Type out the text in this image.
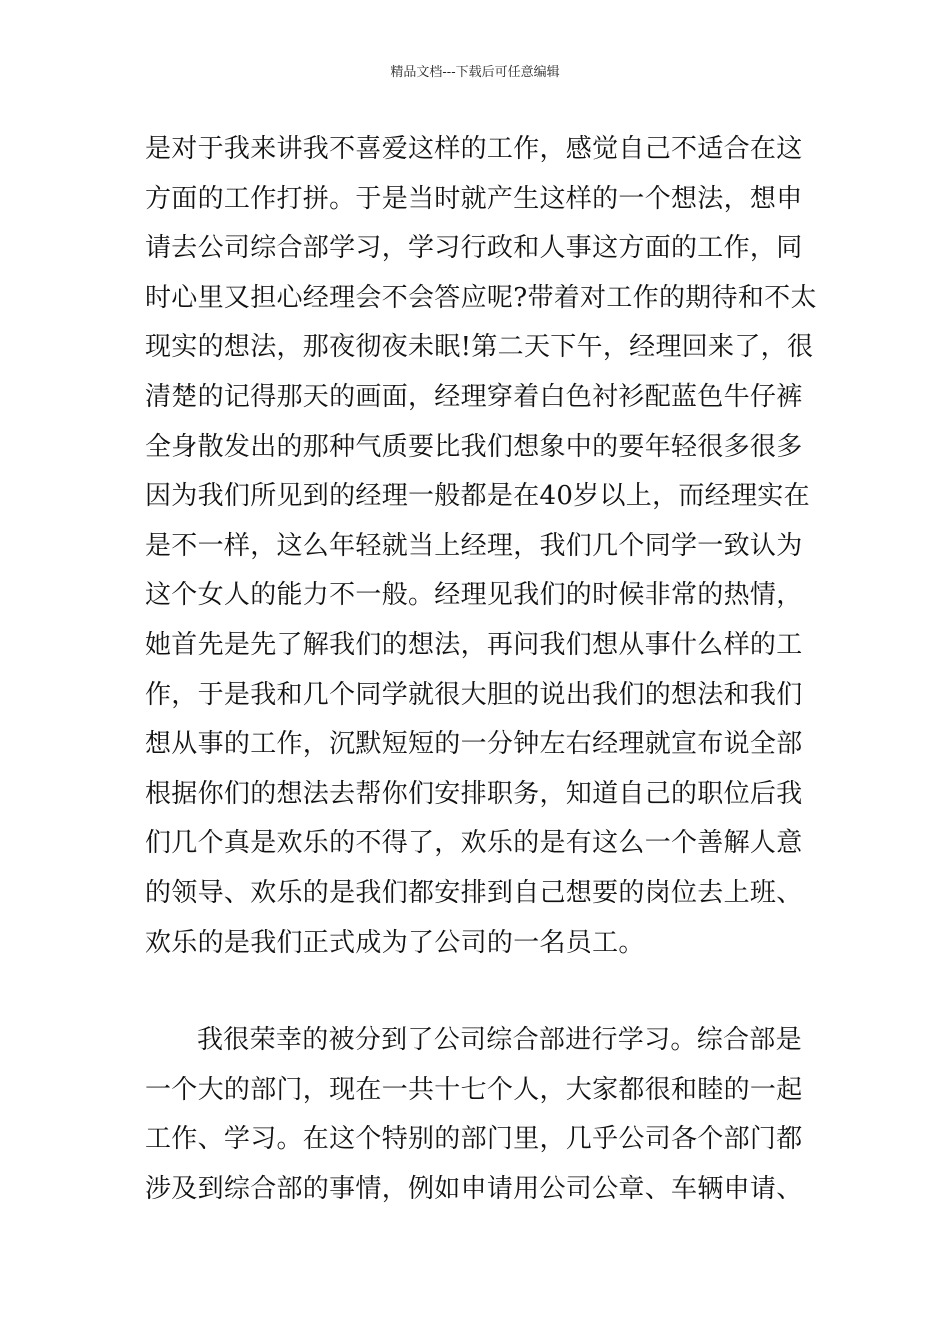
精品文档---下载后可任意编辑
是对于我来讲我不喜爱这样的工作，感觉自己不适合在这
方面的工作打拼。于是当时就产生这样的一个想法，想申
请去公司综合部学习，学习行政和人事这方面的工作，同
时心里又担心经理会不会答应呢?带着对工作的期待和不太
现实的想法，那夜彻夜未眠!第二天下午，经理回来了，很
清楚的记得那天的画面，经理穿着白色衬衫配蓝色牛仔裤
全身散发出的那种气质要比我们想象中的要年轻很多很多
因为我们所见到的经理一般都是在40岁以上，而经理实在
是不一样，这么年轻就当上经理，我们几个同学一致认为
这个女人的能力不一般。经理见我们的时候非常的热情，
她首先是先了解我们的想法，再问我们想从事什么样的工
作，于是我和几个同学就很大胆的说出我们的想法和我们
想从事的工作，沉默短短的一分钟左右经理就宣布说全部
根据你们的想法去帮你们安排职务，知道自己的职位后我
们几个真是欢乐的不得了，欢乐的是有这么一个善解人意
的领导、欢乐的是我们都安排到自己想要的岗位去上班、
欢乐的是我们正式成为了公司的一名员工。
我很荣幸的被分到了公司综合部进行学习。综合部是
一个大的部门，现在一共十七个人，大家都很和睦的一起
工作、学习。在这个特别的部门里，几乎公司各个部门都
涉及到综合部的事情，例如申请用公司公章、车辆申请、
